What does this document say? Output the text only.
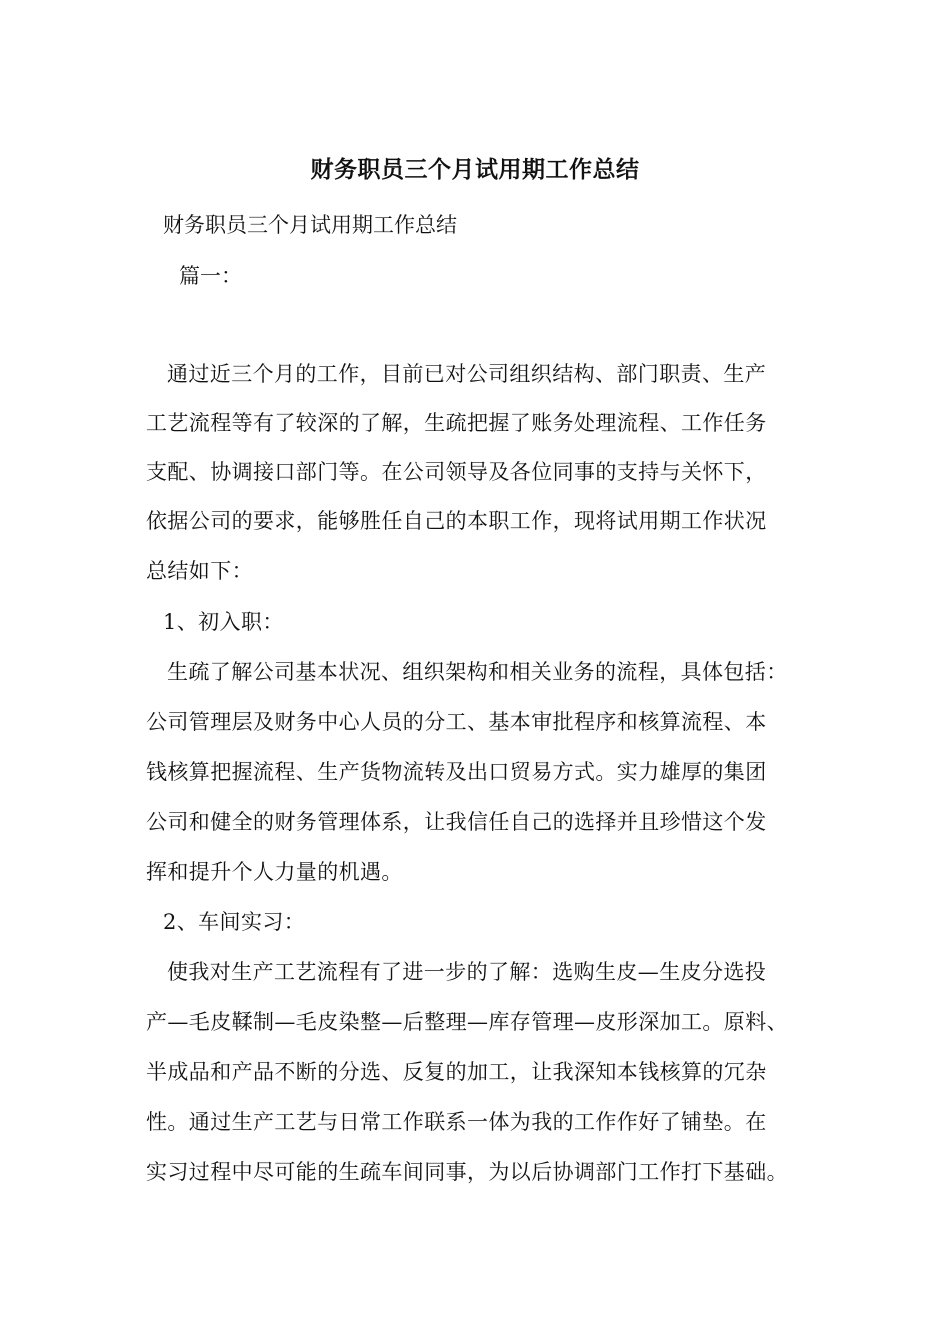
财务职员三个月试用期工作总结

财务职员三个月试用期工作总结

篇一：

通过近三个月的工作，目前已对公司组织结构、部门职责、生产

工艺流程等有了较深的了解，生疏把握了账务处理流程、工作任务

支配、协调接口部门等。在公司领导及各位同事的支持与关怀下，

依据公司的要求，能够胜任自己的本职工作，现将试用期工作状况

总结如下：

1、初入职：

生疏了解公司基本状况、组织架构和相关业务的流程，具体包括：

公司管理层及财务中心人员的分工、基本审批程序和核算流程、本

钱核算把握流程、生产货物流转及出口贸易方式。实力雄厚的集团

公司和健全的财务管理体系，让我信任自己的选择并且珍惜这个发

挥和提升个人力量的机遇。

2、车间实习：

使我对生产工艺流程有了进一步的了解：选购生皮—生皮分选投

产—毛皮鞣制—毛皮染整—后整理—库存管理—皮形深加工。原料、

半成品和产品不断的分选、反复的加工，让我深知本钱核算的冗杂

性。通过生产工艺与日常工作联系一体为我的工作作好了铺垫。在

实习过程中尽可能的生疏车间同事，为以后协调部门工作打下基础。
